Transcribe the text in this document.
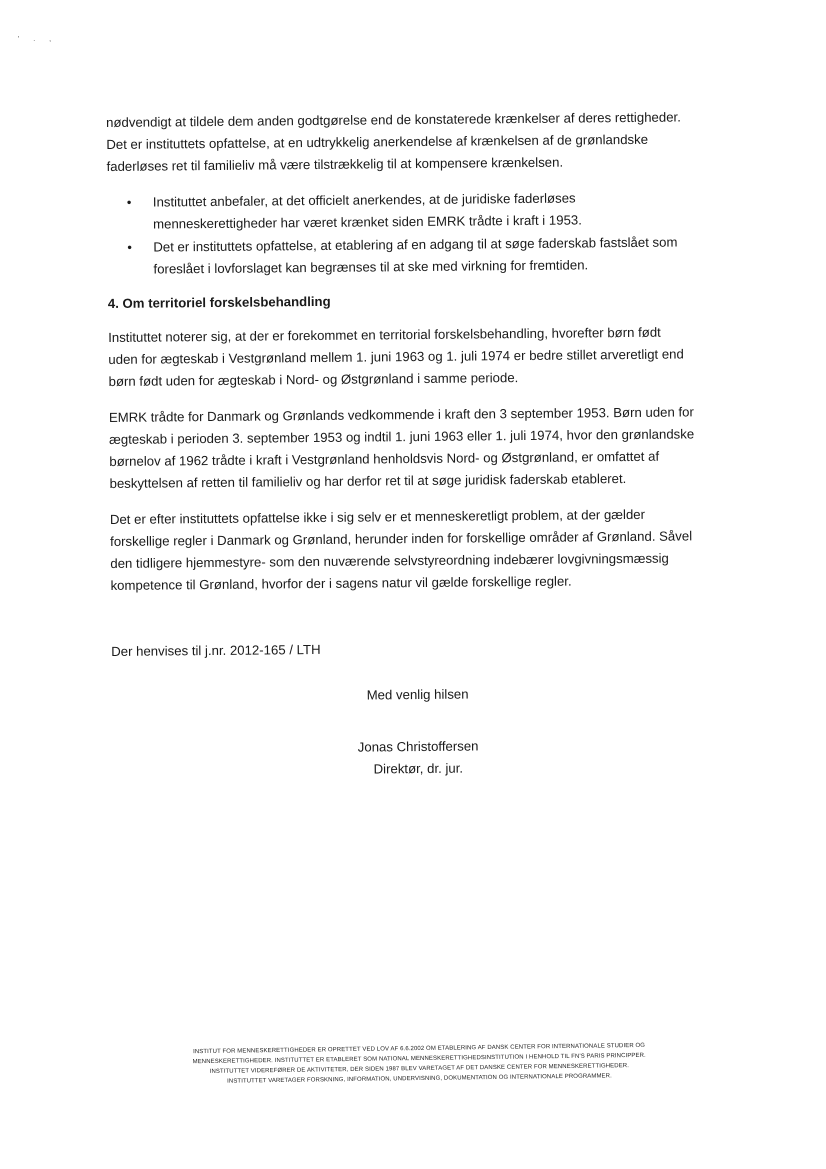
' . ,

nødvendigt at tildele dem anden godtgørelse end de konstaterede krænkelser af deres rettigheder.
Det er instituttets opfattelse, at en udtrykkelig anerkendelse af krænkelsen af de grønlandske
faderløses ret til familieliv må være tilstrækkelig til at kompensere krænkelsen.

• Instituttet anbefaler, at det officielt anerkendes, at de juridiske faderløses
menneskerettigheder har været krænket siden EMRK trådte i kraft i 1953.
• Det er instituttets opfattelse, at etablering af en adgang til at søge faderskab fastslået som
foreslået i lovforslaget kan begrænses til at ske med virkning for fremtiden.
4. Om territoriel forskelsbehandling

Instituttet noterer sig, at der er forekommet en territorial forskelsbehandling, hvorefter børn født
uden for ægteskab i Vestgrønland mellem 1. juni 1963 og 1. juli 1974 er bedre stillet arveretligt end
børn født uden for ægteskab i Nord- og Østgrønland i samme periode.

EMRK trådte for Danmark og Grønlands vedkommende i kraft den 3 september 1953. Børn uden for
ægteskab i perioden 3. september 1953 og indtil 1. juni 1963 eller 1. juli 1974, hvor den grønlandske
børnelov af 1962 trådte i kraft i Vestgrønland henholdsvis Nord- og Østgrønland, er omfattet af
beskyttelsen af retten til familieliv og har derfor ret til at søge juridisk faderskab etableret.

Det er efter instituttets opfattelse ikke i sig selv er et menneskeretligt problem, at der gælder
forskellige regler i Danmark og Grønland, herunder inden for forskellige områder af Grønland. Såvel
den tidligere hjemmestyre- som den nuværende selvstyreordning indebærer lovgivningsmæssig
kompetence til Grønland, hvorfor der i sagens natur vil gælde forskellige regler.

Der henvises til j.nr. 2012-165 / LTH
Med venlig hilsen
Jonas Christoffersen
Direktør, dr. jur.
INSTITUT FOR MENNESKERETTIGHEDER ER OPRETTET VED LOV AF 6.6.2002 OM ETABLERING AF DANSK CENTER FOR INTERNATIONALE STUDIER OG
MENNESKERETTIGHEDER. INSTITUTTET ER ETABLERET SOM NATIONAL MENNESKERETTIGHEDSINSTITUTION I HENHOLD TIL FN'S PARIS PRINCIPPER.
INSTITUTTET VIDEREFØRER DE AKTIVITETER, DER SIDEN 1987 BLEV VARETAGET AF DET DANSKE CENTER FOR MENNESKERETTIGHEDER.
INSTITUTTET VARETAGER FORSKNING, INFORMATION, UNDERVISNING, DOKUMENTATION OG INTERNATIONALE PROGRAMMER.
